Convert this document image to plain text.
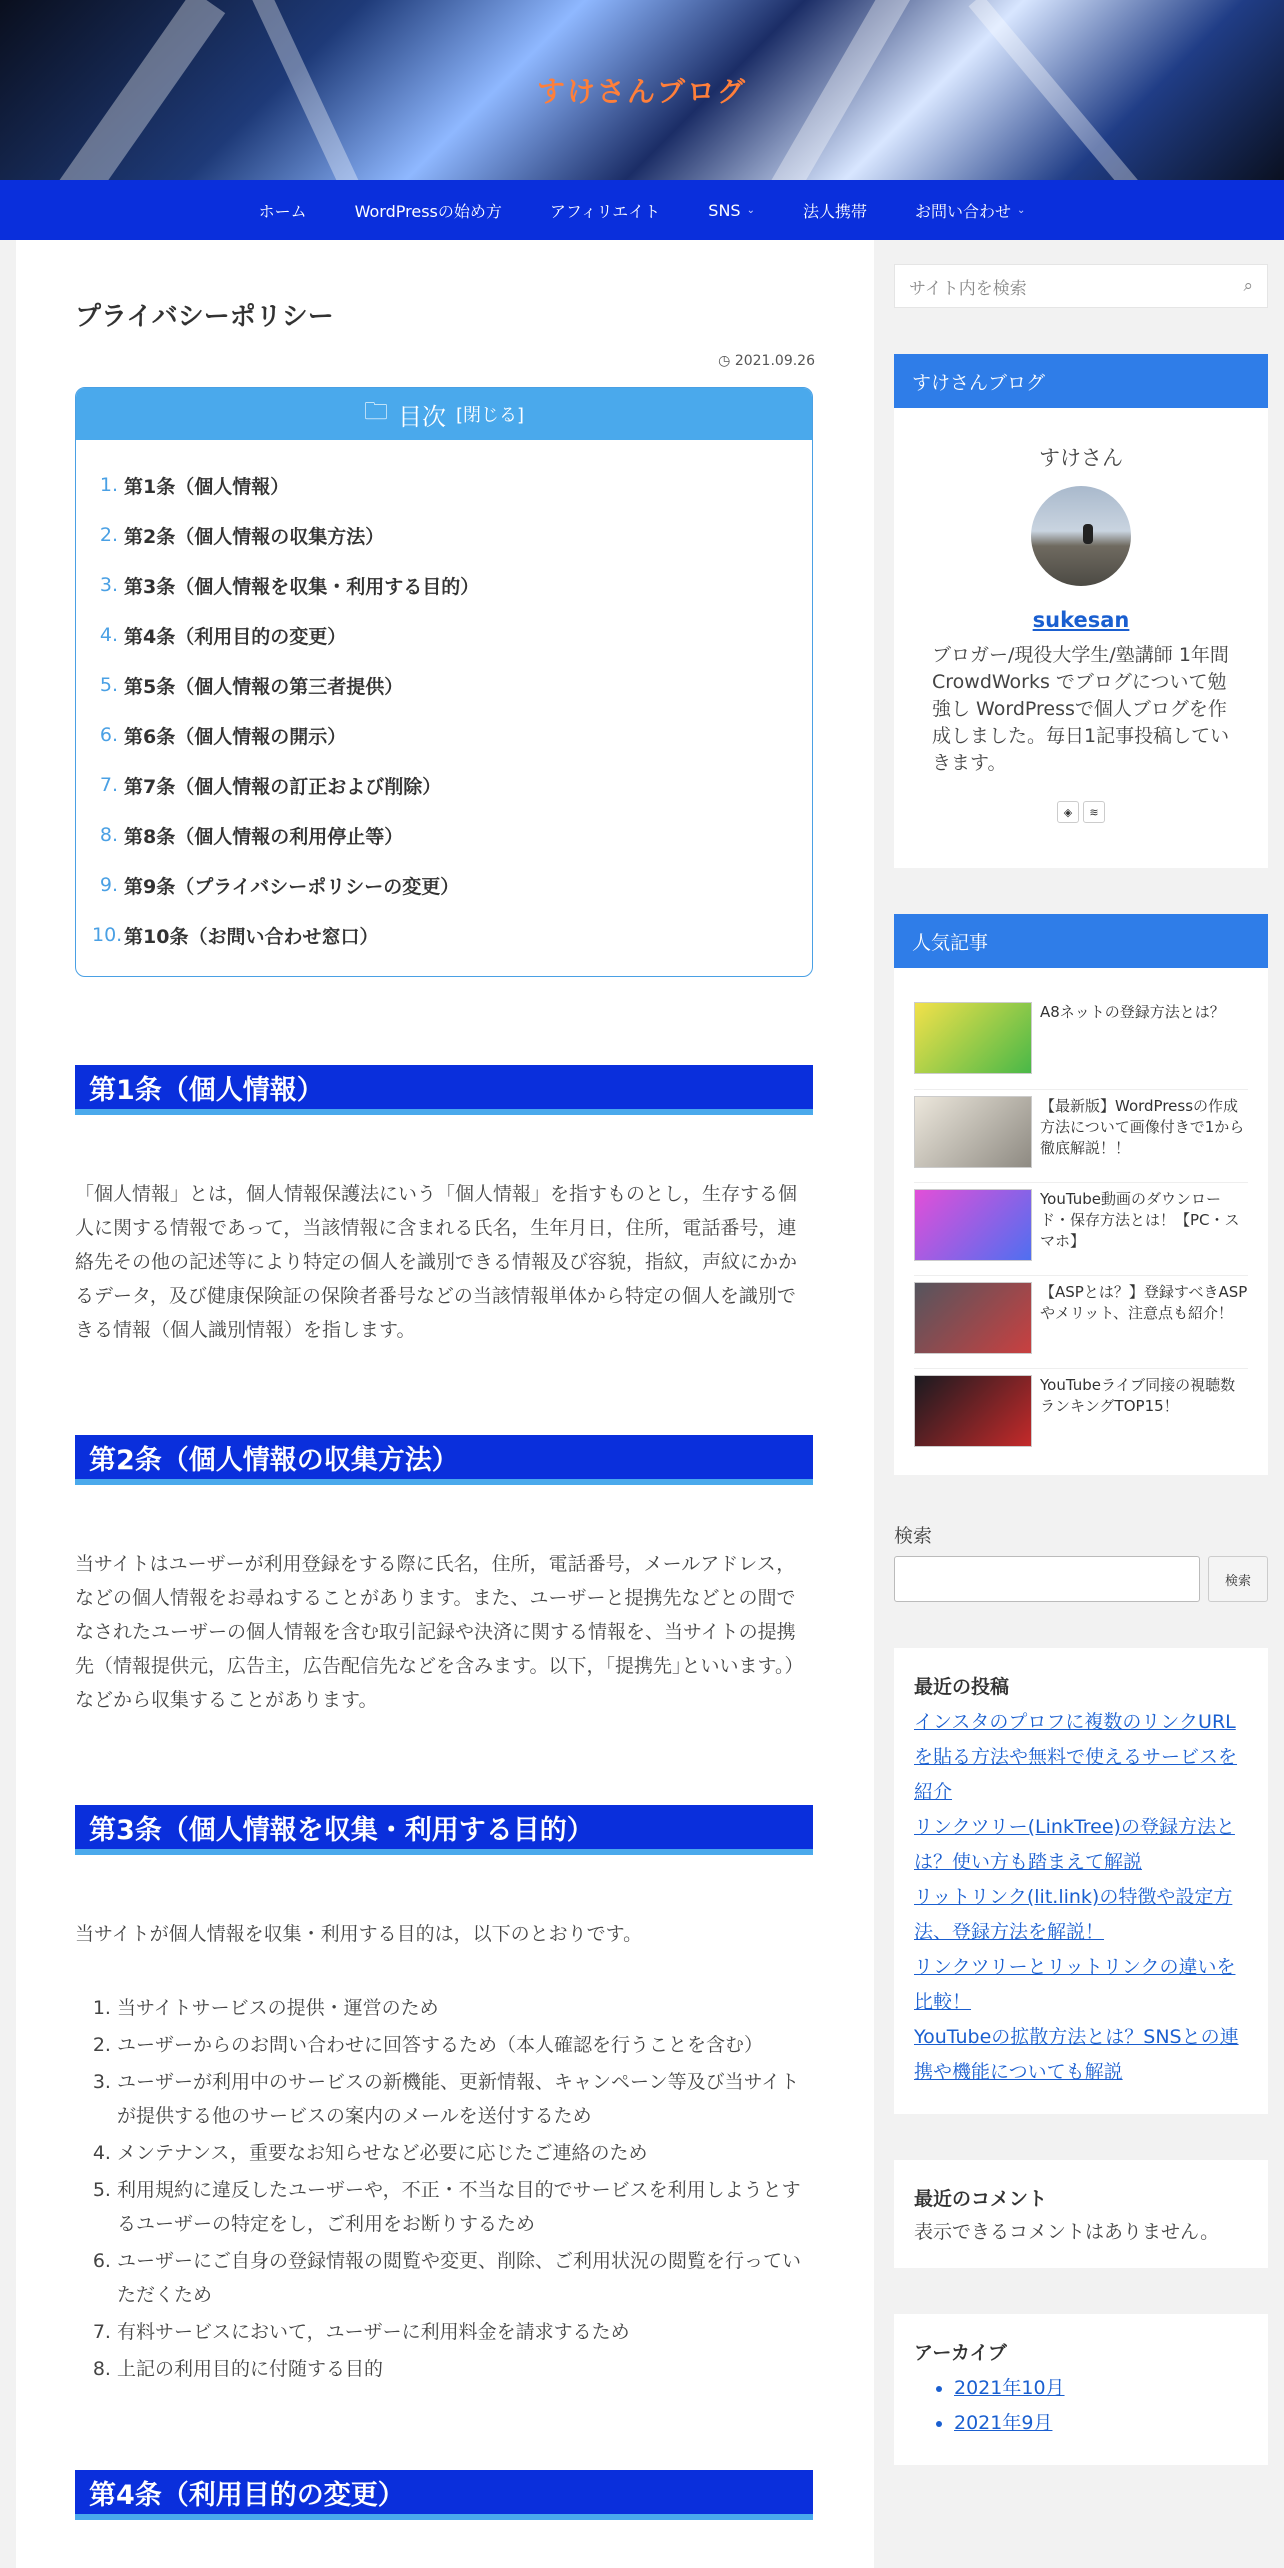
すけさんブログ
ホーム	WordPressの始め方	アフィリエイト	SNS ⌄	法人携帯	お問い合わせ ⌄
プライバシーポリシー
◷ 2021.09.26
🗀 目次 [閉じる]
1. 第1条（個人情報）
2. 第2条（個人情報の収集方法）
3. 第3条（個人情報を収集・利用する目的）
4. 第4条（利用目的の変更）
5. 第5条（個人情報の第三者提供）
6. 第6条（個人情報の開示）
7. 第7条（個人情報の訂正および削除）
8. 第8条（個人情報の利用停止等）
9. 第9条（プライバシーポリシーの変更）
10. 第10条（お問い合わせ窓口）
第1条（個人情報）

「個人情報」とは，個人情報保護法にいう「個人情報」を指すものとし，生存する個人に関する情報であって，当該情報に含まれる氏名，生年月日，住所，電話番号，連絡先その他の記述等により特定の個人を識別できる情報及び容貌，指紋，声紋にかかるデータ，及び健康保険証の保険者番号などの当該情報単体から特定の個人を識別できる情報（個人識別情報）を指します。

第2条（個人情報の収集方法）

当サイトはユーザーが利用登録をする際に氏名，住所，電話番号，メールアドレス，などの個人情報をお尋ねすることがあります。また、ユーザーと提携先などとの間でなされたユーザーの個人情報を含む取引記録や決済に関する情報を、当サイトの提携先（情報提供元，広告主，広告配信先などを含みます。以下，｢提携先｣といいます。）などから収集することがあります。

第3条（個人情報を収集・利用する目的）

当サイトが個人情報を収集・利用する目的は，以下のとおりです。

1. 当サイトサービスの提供・運営のため
2. ユーザーからのお問い合わせに回答するため（本人確認を行うことを含む）
3. ユーザーが利用中のサービスの新機能、更新情報、キャンペーン等及び当サイトが提供する他のサービスの案内のメールを送付するため
4. メンテナンス，重要なお知らせなど必要に応じたご連絡のため
5. 利用規約に違反したユーザーや，不正・不当な目的でサービスを利用しようとするユーザーの特定をし，ご利用をお断りするため
6. ユーザーにご自身の登録情報の閲覧や変更、削除、ご利用状況の閲覧を行っていただくため
7. 有料サービスにおいて，ユーザーに利用料金を請求するため
8. 上記の利用目的に付随する目的
第4条（利用目的の変更）
サイト内を検索	⌕
すけさんブログ
すけさん
sukesan
ブロガー/現役大学生/塾講師 1年間CrowdWorks でブログについて勉強し WordPressで個人ブログを作成しました。毎日1記事投稿していきます。
◈	≋
人気記事
A8ネットの登録方法とは？
【最新版】WordPressの作成方法について画像付きで1から徹底解説！！
YouTube動画のダウンロード・保存方法とは！【PC・スマホ】
【ASPとは？】登録すべきASPやメリット、注意点も紹介！
YouTubeライブ同接の視聴数ランキングTOP15！
検索
検索
最近の投稿
インスタのプロフに複数のリンクURLを貼る方法や無料で使えるサービスを紹介
リンクツリー(LinkTree)の登録方法とは？使い方も踏まえて解説
リットリンク(lit.link)の特徴や設定方法、登録方法を解説！
リンクツリーとリットリンクの違いを比較！
YouTubeの拡散方法とは？SNSとの連携や機能についても解説
最近のコメント
表示できるコメントはありません。
アーカイブ
• 2021年10月
• 2021年9月
